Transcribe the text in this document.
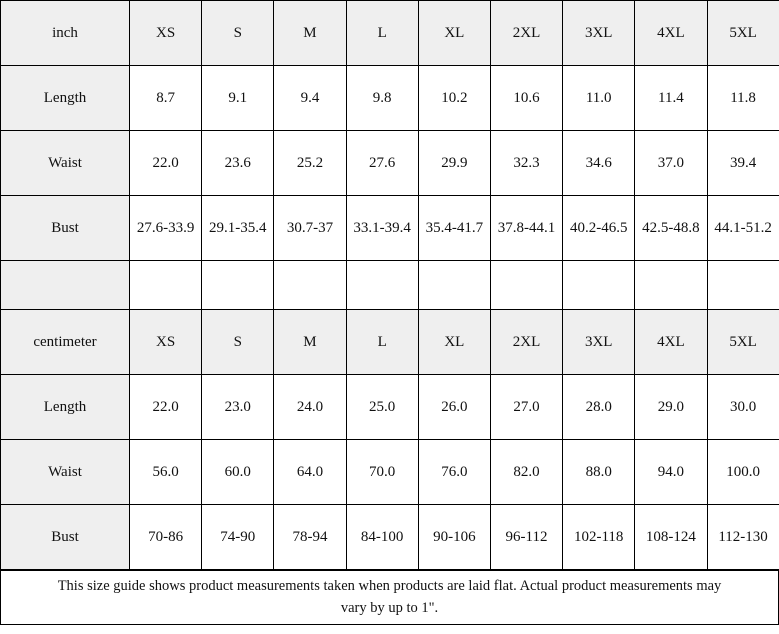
inch	XS	S	M	L	XL	2XL	3XL	4XL	5XL
Length	8.7	9.1	9.4	9.8	10.2	10.6	11.0	11.4	11.8
Waist	22.0	23.6	25.2	27.6	29.9	32.3	34.6	37.0	39.4
Bust	27.6-33.9	29.1-35.4	30.7-37	33.1-39.4	35.4-41.7	37.8-44.1	40.2-46.5	42.5-48.8	44.1-51.2

centimeter	XS	S	M	L	XL	2XL	3XL	4XL	5XL
Length	22.0	23.0	24.0	25.0	26.0	27.0	28.0	29.0	30.0
Waist	56.0	60.0	64.0	70.0	76.0	82.0	88.0	94.0	100.0
Bust	70-86	74-90	78-94	84-100	90-106	96-112	102-118	108-124	112-130
This size guide shows product measurements taken when products are laid flat. Actual product measurements may
vary by up to 1".
